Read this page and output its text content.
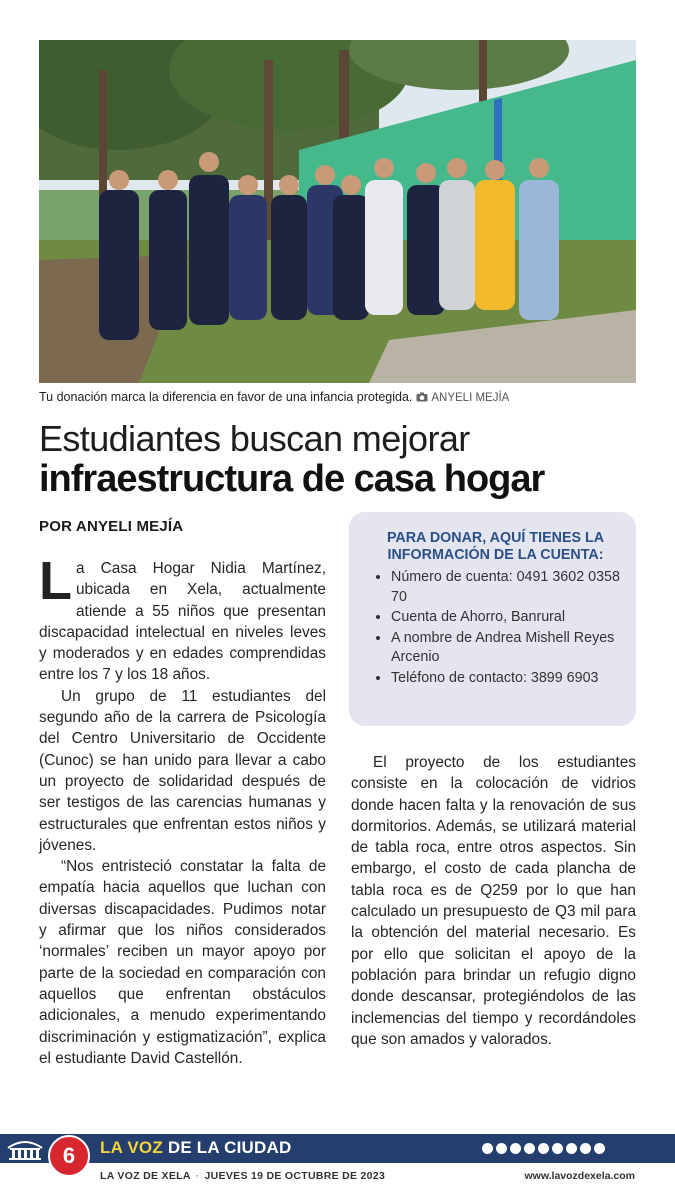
Tu donación marca la diferencia en favor de una infancia protegida. ANYELI MEJÍA
Estudiantes buscan mejorar
infraestructura de casa hogar
POR ANYELI MEJÍA

La Casa Hogar Nidia Martínez, ubicada en Xela, actualmente atiende a 55 niños que presentan discapacidad intelectual en niveles leves y moderados y en edades comprendidas entre los 7 y los 18 años.

Un grupo de 11 estudiantes del segundo año de la carrera de Psicología del Centro Universitario de Occidente (Cunoc) se han unido para llevar a cabo un proyecto de solidaridad después de ser testigos de las carencias humanas y estructurales que enfrentan estos niños y jóvenes.

“Nos entristeció constatar la falta de empatía hacia aquellos que luchan con diversas discapacidades. Pudimos notar y afirmar que los niños considerados ‘normales’ reciben un mayor apoyo por parte de la sociedad en comparación con aquellos que enfrentan obstáculos adicionales, a menudo experimentando discriminación y estigmatización”, explica el estudiante David Castellón.

PARA DONAR, AQUÍ TIENES LA INFORMACIÓN DE LA CUENTA:
• Número de cuenta: 0491 3602 0358 70
• Cuenta de Ahorro, Banrural
• A nombre de Andrea Mishell Reyes Arcenio
• Teléfono de contacto: 3899 6903

El proyecto de los estudiantes consiste en la colocación de vidrios donde hacen falta y la renovación de sus dormitorios. Además, se utilizará material de tabla roca, entre otros aspectos. Sin embargo, el costo de cada plancha de tabla roca es de Q259 por lo que han calculado un presupuesto de Q3 mil para la obtención del material necesario. Es por ello que solicitan el apoyo de la población para brindar un refugio digno donde descansar, protegiéndolos de las inclemencias del tiempo y recordándoles que son amados y valorados.

6	LA VOZ DE LA CIUDAD
LA VOZ DE XELA · JUEVES 19 DE OCTUBRE DE 2023	www.lavozdexela.com
